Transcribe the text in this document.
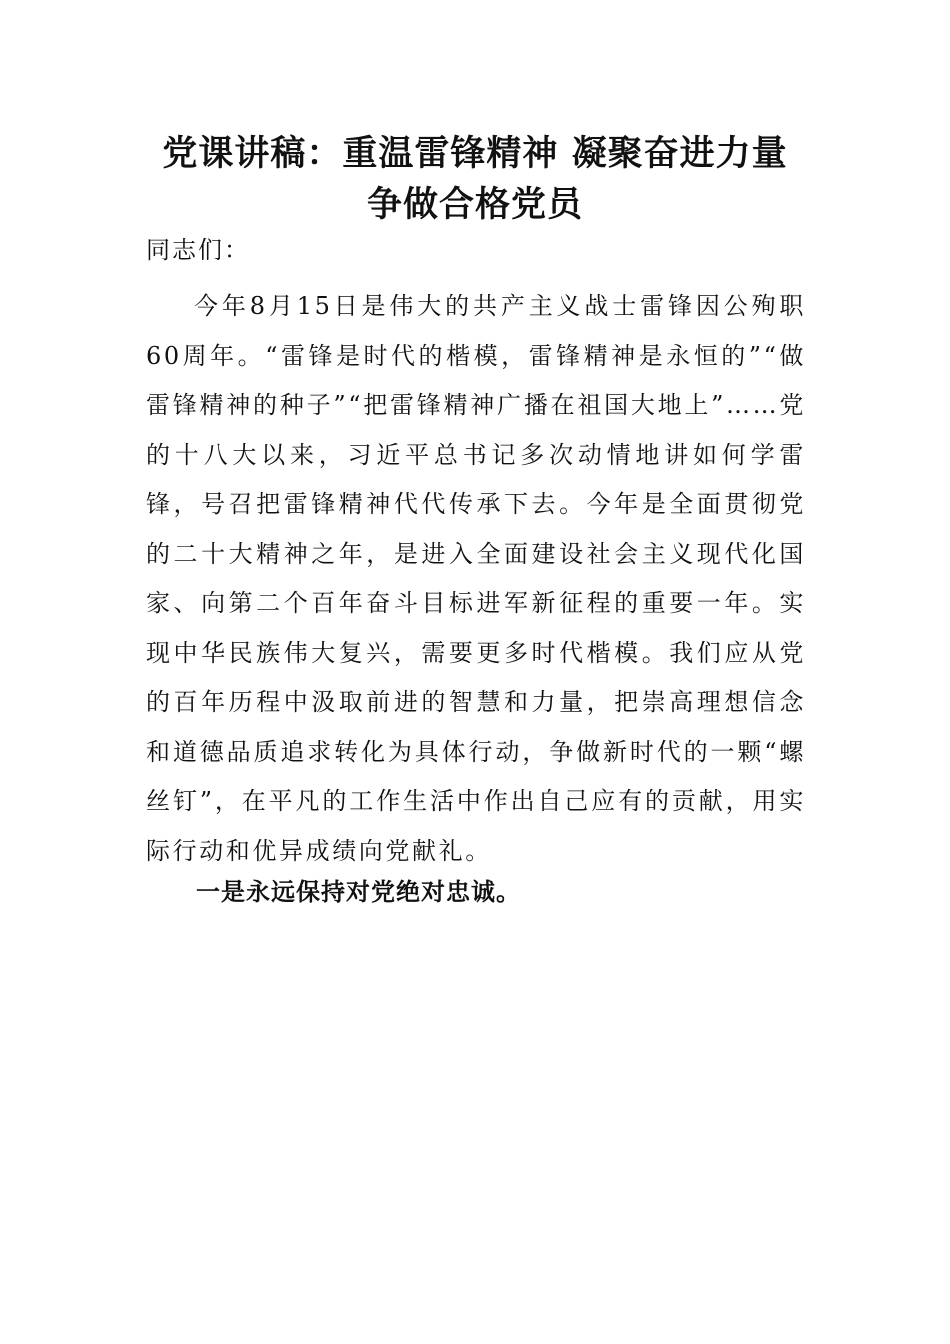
党课讲稿：重温雷锋精神 凝聚奋进力量
争做合格党员

同志们：

今年8月15日是伟大的共产主义战士雷锋因公殉职60周年。“雷锋是时代的楷模，雷锋精神是永恒的”“做雷锋精神的种子”“把雷锋精神广播在祖国大地上”……党的十八大以来，习近平总书记多次动情地讲如何学雷锋，号召把雷锋精神代代传承下去。今年是全面贯彻党的二十大精神之年，是进入全面建设社会主义现代化国家、向第二个百年奋斗目标进军新征程的重要一年。实现中华民族伟大复兴，需要更多时代楷模。我们应从党的百年历程中汲取前进的智慧和力量，把崇高理想信念和道德品质追求转化为具体行动，争做新时代的一颗“螺丝钉”，在平凡的工作生活中作出自己应有的贡献，用实际行动和优异成绩向党献礼。

一是永远保持对党绝对忠诚。
